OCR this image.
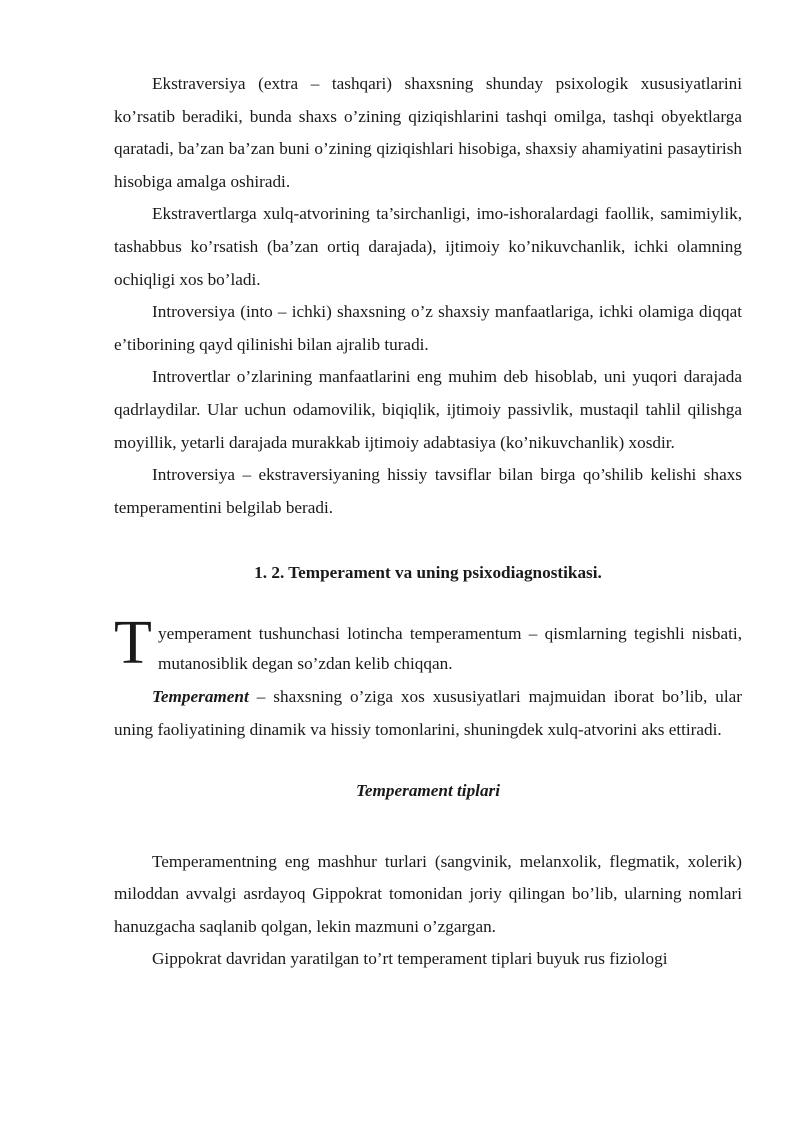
Ekstraversiya (extra – tashqari) shaxsning shunday psixologik xususiyatlarini ko’rsatib beradiki, bunda shaxs o’zining qiziqishlarini tashqi omilga, tashqi obyektlarga qaratadi, ba’zan ba’zan buni o’zining qiziqishlari hisobiga, shaxsiy ahamiyatini pasaytirish hisobiga amalga oshiradi.

Ekstravertlarga xulq-atvorining ta’sirchanligi, imo-ishoralardagi faollik, samimiylik, tashabbus ko’rsatish (ba’zan ortiq darajada), ijtimoiy ko’nikuvchanlik, ichki olamning ochiqligi xos bo’ladi.

Introversiya (into – ichki) shaxsning o’z shaxsiy manfaatlariga, ichki olamiga diqqat e’tiborining qayd qilinishi bilan ajralib turadi.

Introvertlar o’zlarining manfaatlarini eng muhim deb hisoblab, uni yuqori darajada qadrlaydilar. Ular uchun odamovilik, biqiqlik, ijtimoiy passivlik, mustaqil tahlil qilishga moyillik, yetarli darajada murakkab ijtimoiy adabtasiya (ko’nikuvchanlik) xosdir.

Introversiya – ekstraversiyaning hissiy tavsiflar bilan birga qo’shilib kelishi shaxs temperamentini belgilab beradi.

1. 2. Temperament va uning psixodiagnostikasi.

T yemperament tushunchasi lotincha temperamentum – qismlarning tegishli nisbati, mutanosiblik degan so’zdan kelib chiqqan.

Temperament – shaxsning o’ziga xos xususiyatlari majmuidan iborat bo’lib, ular uning faoliyatining dinamik va hissiy tomonlarini, shuningdek xulq-atvorini aks ettiradi.

Temperament tiplari

Temperamentning eng mashhur turlari (sangvinik, melanxolik, flegmatik, xolerik) miloddan avvalgi asrdayoq Gippokrat tomonidan joriy qilingan bo’lib, ularning nomlari hanuzgacha saqlanib qolgan, lekin mazmuni o’zgargan.

Gippokrat davridan yaratilgan to’rt temperament tiplari buyuk rus fiziologi
